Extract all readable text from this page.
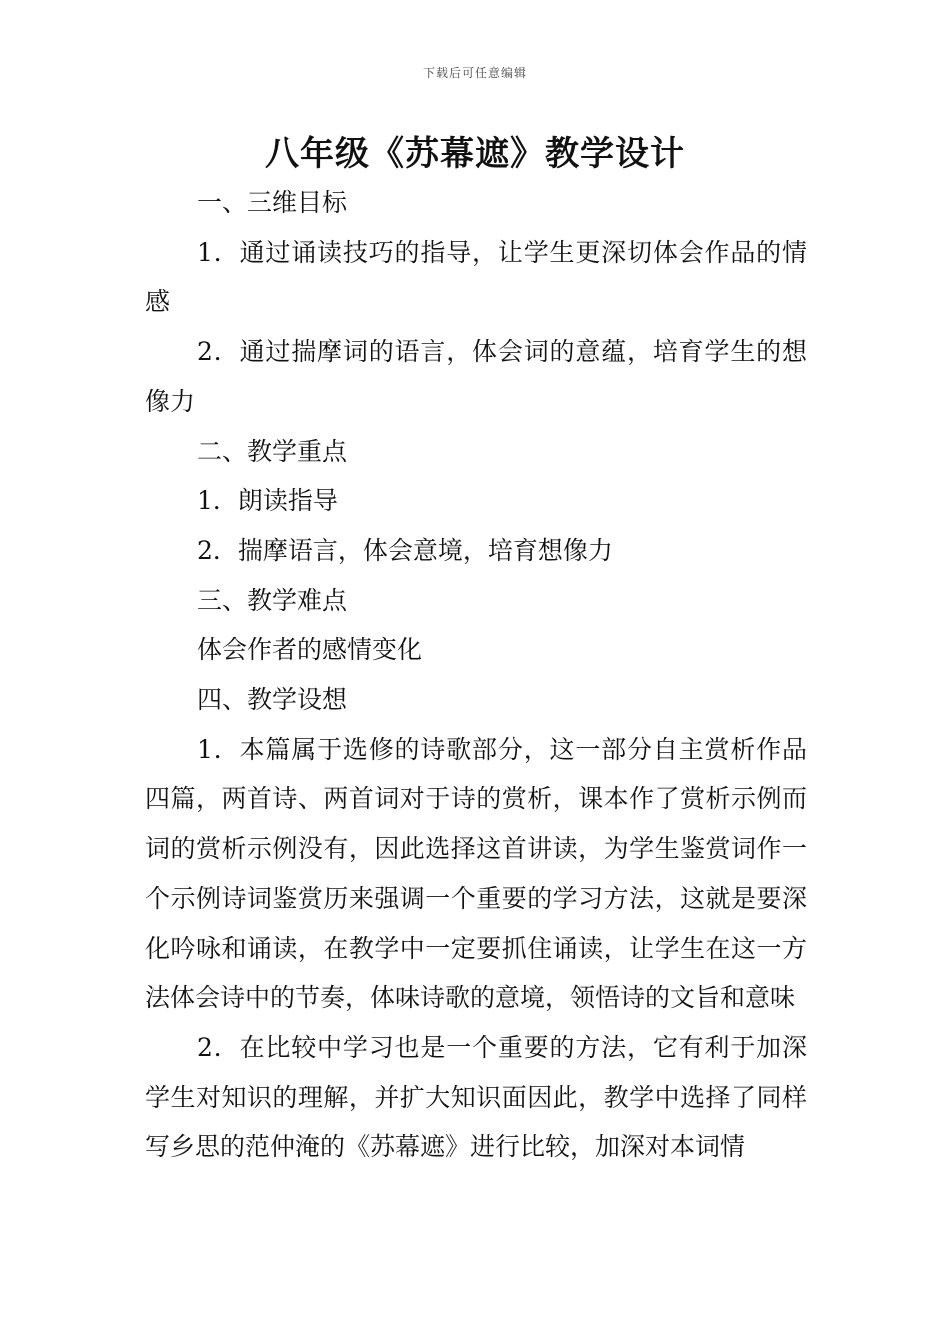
下载后可任意编辑
八年级《苏幕遮》教学设计

一、三维目标

1．通过诵读技巧的指导，让学生更深切体会作品的情感

2．通过揣摩词的语言，体会词的意蕴，培育学生的想像力

二、教学重点

1．朗读指导

2．揣摩语言，体会意境，培育想像力

三、教学难点

体会作者的感情变化

四、教学设想

1．本篇属于选修的诗歌部分，这一部分自主赏析作品四篇，两首诗、两首词对于诗的赏析，课本作了赏析示例而词的赏析示例没有，因此选择这首讲读，为学生鉴赏词作一个示例诗词鉴赏历来强调一个重要的学习方法，这就是要深化吟咏和诵读，在教学中一定要抓住诵读，让学生在这一方法体会诗中的节奏，体味诗歌的意境，领悟诗的文旨和意味

2．在比较中学习也是一个重要的方法，它有利于加深学生对知识的理解，并扩大知识面因此，教学中选择了同样写乡思的范仲淹的《苏幕遮》进行比较，加深对本词情
